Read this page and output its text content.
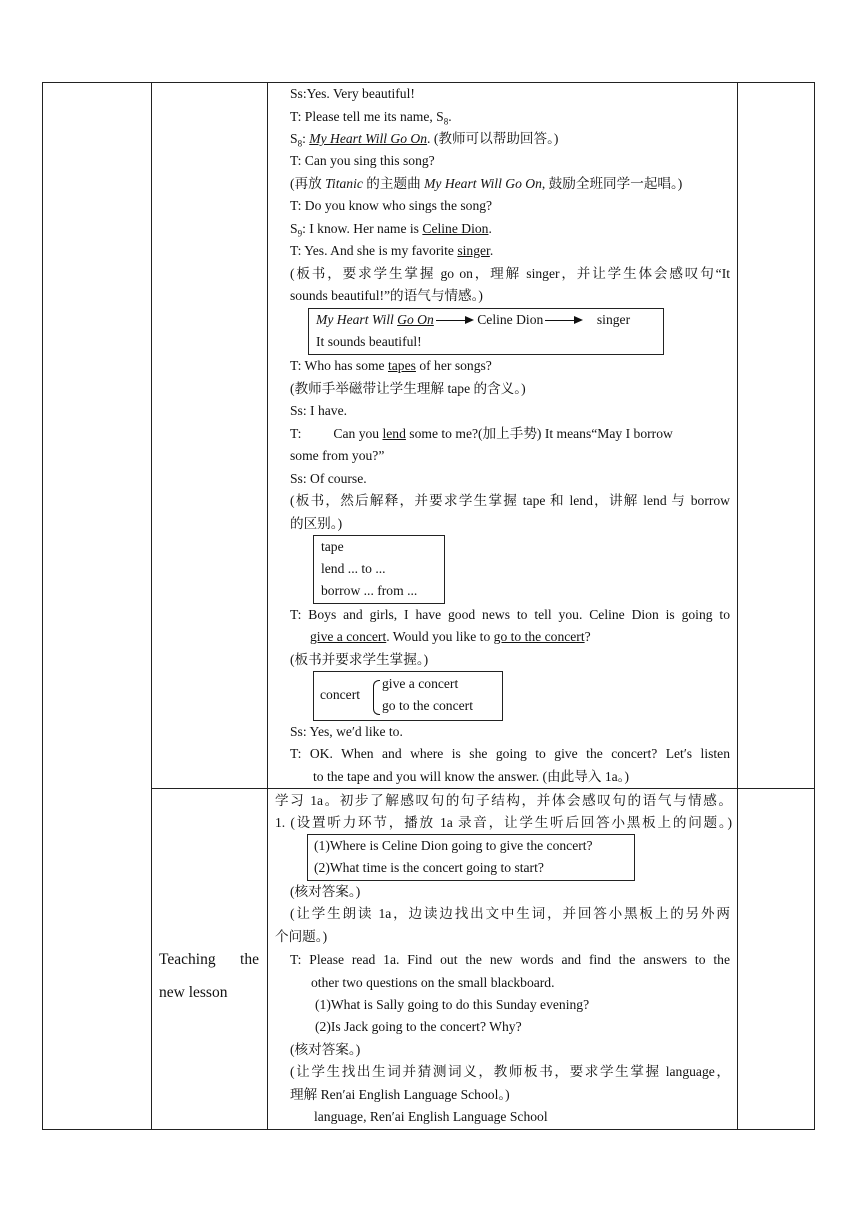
Teaching the new lesson
Ss:Yes. Very beautiful!
T: Please tell me its name, $S_8$.
$S_8$: My Heart Will Go On. (教师可以帮助回答。)
T: Can you sing this song?
(再放 Titanic 的主题曲 My Heart Will Go On, 鼓励全班同学一起唱。)
T: Do you know who sings the song?
$S_9$: I know. Her name is Celine Dion.
T: Yes. And she is my favorite singer.
(板书，要求学生掌握 go on，理解 singer，并让学生体会感叹句“It
sounds beautiful!”的语气与情感。)
My Heart Will Go On	Celine Dion	singer
It sounds beautiful!
T: Who has some tapes of her songs?
(教师手举磁带让学生理解 tape 的含义。)
Ss: I have.
T: Can you lend some to me?(加上手势) It means“May I borrow
some from you?”
Ss: Of course.
(板书，然后解释，并要求学生掌握 tape 和 lend，讲解 lend 与 borrow
的区别。)
tape
lend ... to ...
borrow ... from ...
T: Boys and girls, I have good news to tell you. Celine Dion is going to
give a concert. Would you like to go to the concert?
(板书并要求学生掌握。)
concert
give a concert
go to the concert
Ss: Yes, we′d like to.
T: OK. When and where is she going to give the concert? Let′s listen
to the tape and you will know the answer. (由此导入 1a。)
学习 1a。初步了解感叹句的句子结构，并体会感叹句的语气与情感。
1. (设置听力环节，播放 1a 录音，让学生听后回答小黑板上的问题。)
(1)Where is Celine Dion going to give the concert?
(2)What time is the concert going to start?
(核对答案。)
(让学生朗读 1a，边读边找出文中生词，并回答小黑板上的另外两
个问题。)
T: Please read 1a. Find out the new words and find the answers to the
other two questions on the small blackboard.
(1)What is Sally going to do this Sunday evening?
(2)Is Jack going to the concert? Why?
(核对答案。)
(让学生找出生词并猜测词义，教师板书，要求学生掌握 language，
理解 Ren′ai English Language School。)
language, Ren′ai English Language School
